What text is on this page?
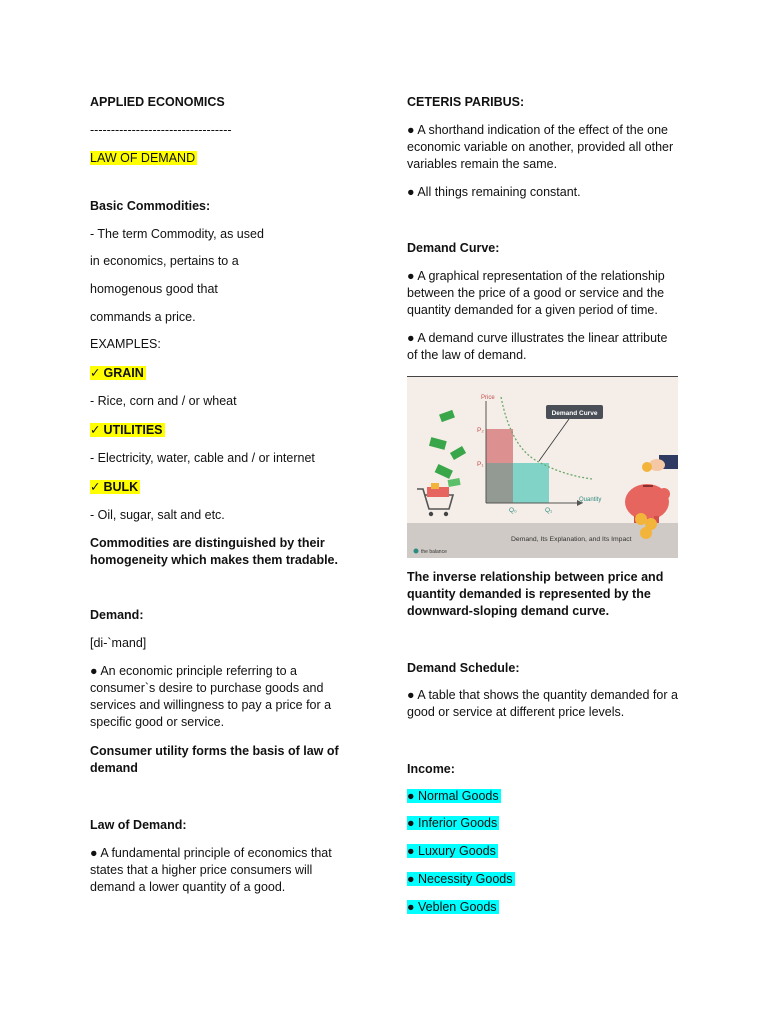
APPLIED ECONOMICS
----------------------------------
LAW OF DEMAND
Basic Commodities:
- The term Commodity, as used
in economics, pertains to a
homogenous good that
commands a price.
EXAMPLES:
✓ GRAIN
- Rice, corn and / or wheat
✓ UTILITIES
- Electricity, water, cable and / or internet
✓ BULK
- Oil, sugar, salt and etc.
Commodities are distinguished by their homogeneity which makes them tradable.
Demand:
[di-`mand]
● An economic principle referring to a consumer`s desire to purchase goods and services and willingness to pay a price for a specific good or service.
Consumer utility forms the basis of law of demand
Law of Demand:
● A fundamental principle of economics that states that a higher price consumers will demand a lower quantity of a good.
CETERIS PARIBUS:
● A shorthand indication of the effect of the one economic variable on another, provided all other variables remain the same.
● All things remaining constant.
Demand Curve:
● A graphical representation of the relationship between the price of a good or service and the quantity demanded for a given period of time.
● A demand curve illustrates the linear attribute of the law of demand.
The inverse relationship between price and quantity demanded is represented by the downward-sloping demand curve.
Demand Schedule:
● A table that shows the quantity demanded for a good or service at different price levels.
Income:
● Normal Goods
● Inferior Goods
● Luxury Goods
● Necessity Goods
● Veblen Goods
Demand Curve
Price
Quantity
P₂
P₁
Q₀	Q₁
Demand, Its Explanation, and Its Impact
the balance
